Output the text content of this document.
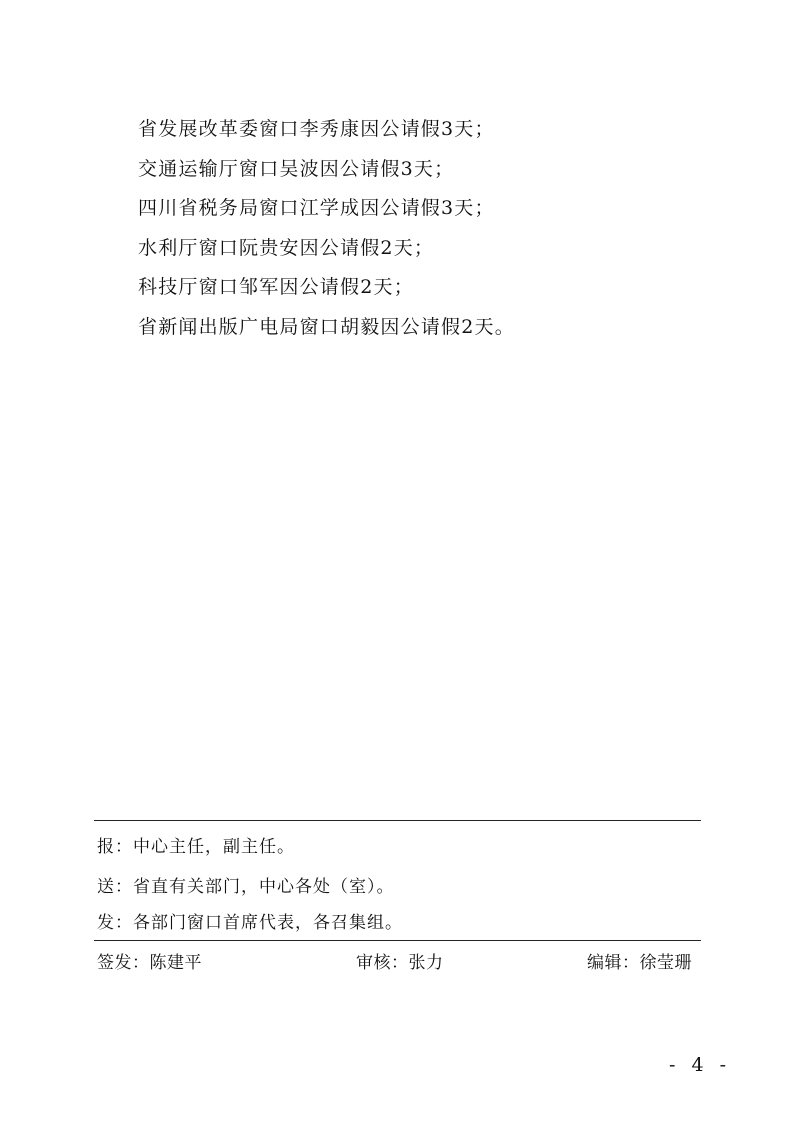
省发展改革委窗口李秀康因公请假3天；
交通运输厅窗口吴波因公请假3天；
四川省税务局窗口江学成因公请假3天；
水利厅窗口阮贵安因公请假2天；
科技厅窗口邹军因公请假2天；
省新闻出版广电局窗口胡毅因公请假2天。
报：中心主任，副主任。
送：省直有关部门，中心各处（室）。
发：各部门窗口首席代表，各召集组。
签发：陈建平	审核：张力	编辑：徐莹珊
- 4 -
